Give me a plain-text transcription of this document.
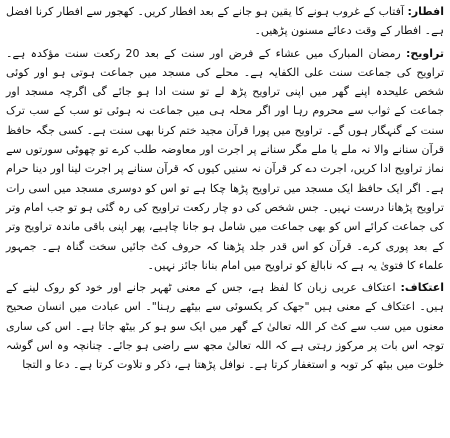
افطار: آفتاب کے غروب ہونے کا یقین ہو جانے کے بعد افطار کریں۔ کھجور سے افطار کرنا افضل ہے۔ افطار کے وقت دعائے مسنون پڑھیں۔

تراویح: رمضان المبارک میں عشاء کے فرض اور سنت کے بعد 20 رکعت سنت مؤکدہ ہے۔ تراویح کی جماعت سنت علی الکفایہ ہے۔ محلے کی مسجد میں جماعت ہوتی ہو اور کوئی شخص علیحدہ اپنے گھر میں اپنی تراویح پڑھ لے تو سنت ادا ہو جائے گی اگرچہ مسجد اور جماعت کے ثواب سے محروم رہا اور اگر محلہ ہی میں جماعت نہ ہوئی تو سب کے سب ترک سنت کے گنہگار ہوں گے۔ تراویح میں پورا قرآن مجید ختم کرنا بھی سنت ہے۔ کسی جگہ حافظ قرآن سنانے والا نہ ملے یا ملے مگر سنانے پر اجرت اور معاوضہ طلب کرے تو چھوٹی سورتوں سے نماز تراویح ادا کریں، اجرت دے کر قرآن نہ سنیں کیوں کہ قرآن سنانے پر اجرت لینا اور دینا حرام ہے۔ اگر ایک حافظ ایک مسجد میں تراویح پڑھا چکا ہے تو اس کو دوسری مسجد میں اسی رات تراویح پڑھانا درست نہیں۔ جس شخص کی دو چار رکعت تراویح کی رہ گئی ہو تو جب امام وتر کی جماعت کرائے اس کو بھی جماعت میں شامل ہو جانا چاہیے، پھر اپنی باقی ماندہ تراویح وتر کے بعد پوری کرے۔ قرآن کو اس قدر جلد پڑھنا کہ حروف کٹ جائیں سخت گناہ ہے۔ جمہور علماء کا فتویٰ یہ ہے کہ نابالغ کو تراویح میں امام بنانا جائز نہیں۔

اعتکاف: اعتکاف عربی زبان کا لفظ ہے، جس کے معنی ٹھہر جانے اور خود کو روک لینے کے ہیں۔ اعتکاف کے معنی ہیں "جھک کر یکسوئی سے بیٹھے رہنا"۔ اس عبادت میں انسان صحیح معنوں میں سب سے کٹ کر اللہ تعالیٰ کے گھر میں ایک سو ہو کر بیٹھ جاتا ہے۔ اس کی ساری توجہ اس بات پر مرکوز رہتی ہے کہ اللہ تعالیٰ مجھ سے راضی ہو جائے۔ چنانچہ وہ اس گوشہ خلوت میں بیٹھ کر توبہ و استغفار کرتا ہے۔ نوافل پڑھتا ہے، ذکر و تلاوت کرتا ہے۔ دعا و التجا
